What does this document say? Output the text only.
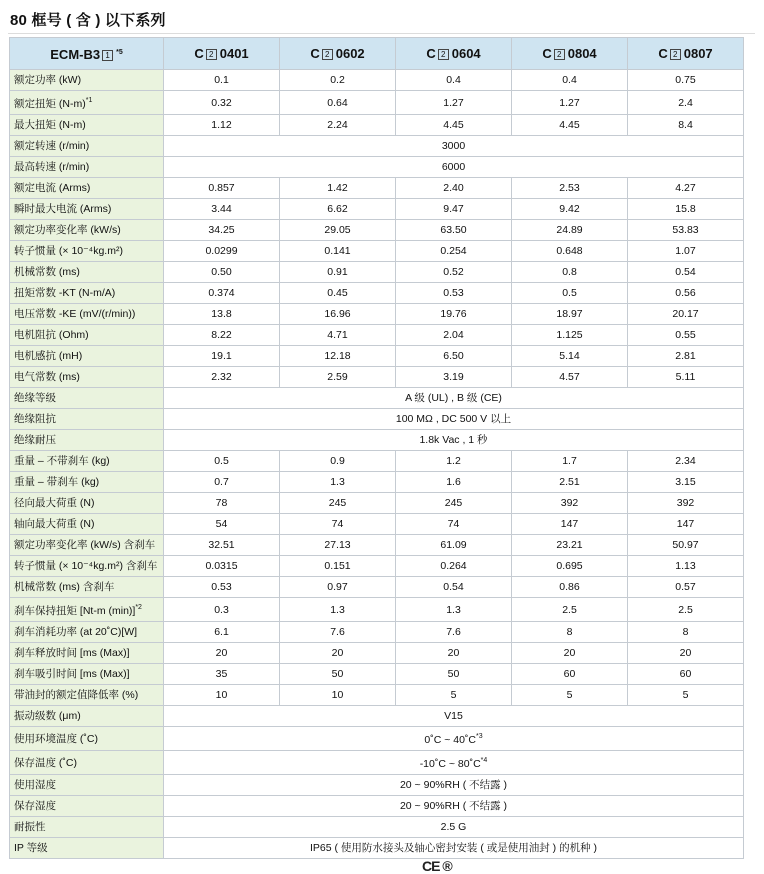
80 框号 ( 含 ) 以下系列
ECM-B3 1 $^{*5}$	C 2 0401	C 2 0602	C 2 0604	C 2 0804	C 2 0807
额定功率 (kW)	0.1	0.2	0.4	0.4	0.75
额定扭矩 $(N-m)^{*1}$	0.32	0.64	1.27	1.27	2.4
最大扭矩 (N-m)	1.12	2.24	4.45	4.45	8.4
额定转速 (r/min)	3000				
最高转速 (r/min)	6000				
额定电流 (Arms)	0.857	1.42	2.40	2.53	4.27
瞬时最大电流 (Arms)	3.44	6.62	9.47	9.42	15.8
额定功率变化率 (kW/s)	34.25	29.05	63.50	24.89	53.83
转子惯量 (× 10⁻⁴kg.m²)	0.0299	0.141	0.254	0.648	1.07
机械常数 (ms)	0.50	0.91	0.52	0.8	0.54
扭矩常数 -KT (N-m/A)	0.374	0.45	0.53	0.5	0.56
电压常数 -KE (mV/(r/min))	13.8	16.96	19.76	18.97	20.17
电机阻抗 (Ohm)	8.22	4.71	2.04	1.125	0.55
电机感抗 (mH)	19.1	12.18	6.50	5.14	2.81
电气常数 (ms)	2.32	2.59	3.19	4.57	5.11
绝缘等级	A 级 (UL) , B 级 (CE)				
绝缘阻抗	100 MΩ , DC 500 V 以上				
绝缘耐压	1.8k Vac , 1 秒				
重量 – 不带刹车 (kg)	0.5	0.9	1.2	1.7	2.34
重量 – 带刹车 (kg)	0.7	1.3	1.6	2.51	3.15
径向最大荷重 (N)	78	245	245	392	392
轴向最大荷重 (N)	54	74	74	147	147
额定功率变化率 (kW/s) 含刹车	32.51	27.13	61.09	23.21	50.97
转子惯量 (× 10⁻⁴kg.m²) 含刹车	0.0315	0.151	0.264	0.695	1.13
机械常数 (ms) 含刹车	0.53	0.97	0.54	0.86	0.57
刹车保持扭矩 [Nt-m (min)]$^{*2}$	0.3	1.3	1.3	2.5	2.5
刹车消耗功率 (at 20˚C)[W]	6.1	7.6	7.6	8	8
刹车释放时间 [ms (Max)]	20	20	20	20	20
刹车吸引时间 [ms (Max)]	35	50	50	60	60
带油封的额定值降低率 (%)	10	10	5	5	5
振动级数 (μm)	V15				
使用环境温度 (˚C)	0˚C ~ $40˚C^{*3}$
保存温度 (˚C)	-10˚C ~ $80˚C^{*4}$
使用湿度	20 ~ 90%RH ( 不结露 )				
保存湿度	20 ~ 90%RH ( 不结露 )				
耐振性	2.5 G				
IP 等级	IP65 ( 使用防水接头及轴心密封安装 ( 或是使用油封 ) 的机种 )				
CE ®
